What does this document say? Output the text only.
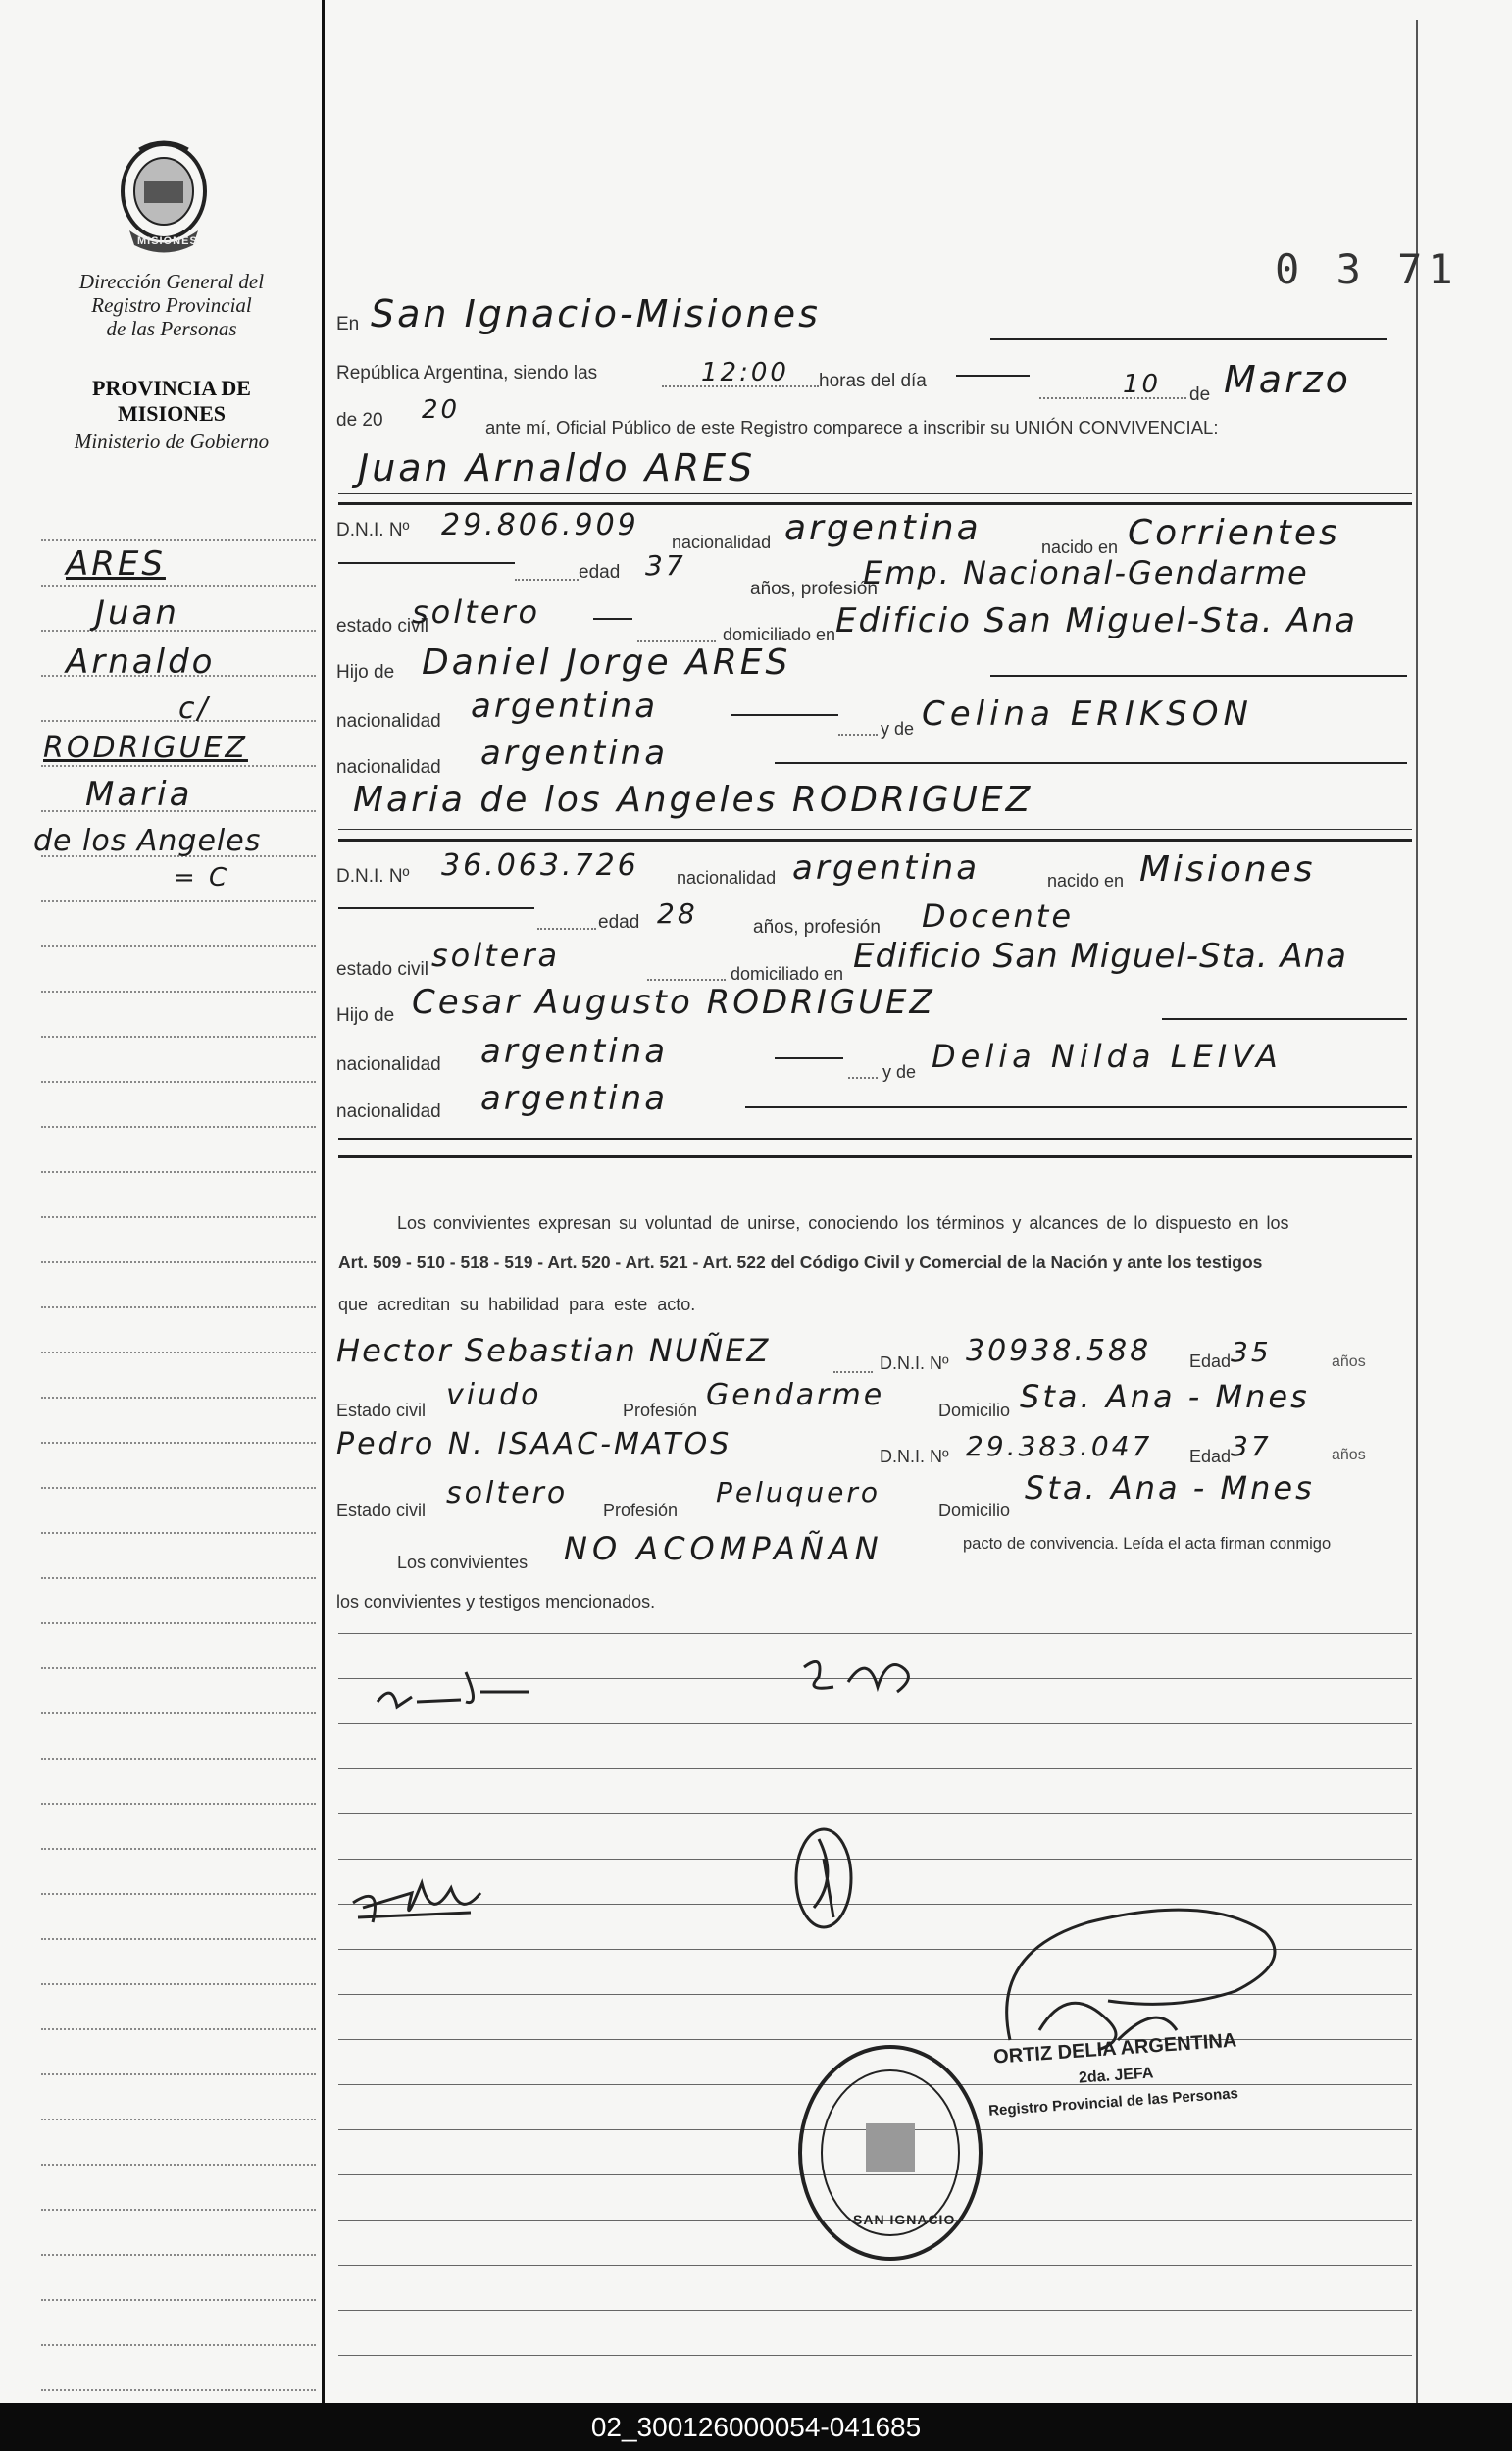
MISIONES
Dirección General del
Registro Provincial
de las Personas
PROVINCIA DE
MISIONES
Ministerio de Gobierno
0 3 71
ARES
Juan
Arnaldo
c/
RODRIGUEZ
Maria
de los Angeles
= C
En San Ignacio-Misiones
República Argentina, siendo las	12:00 horas del día	10 de Marzo
de 20 20
ante mí, Oficial Público de este Registro comparece a inscribir su UNIÓN CONVIVENCIAL:
Juan Arnaldo ARES
D.N.I. Nº 29.806.909 nacionalidad argentina	nacido en Corrientes
edad 37
años, profesión
Emp. Nacional-Gendarme
estado civil
soltero
domiciliado en Edificio San Miguel-Sta. Ana
Hijo de Daniel Jorge ARES
nacionalidad argentina
y de Celina ERIKSON
nacionalidad argentina
Maria de los Angeles RODRIGUEZ
D.N.I. Nº 36.063.726 nacionalidad argentina	nacido en Misiones
edad 28	años, profesión Docente
estado civil soltera	domiciliado en Edificio San Miguel-Sta. Ana
Hijo de Cesar Augusto RODRIGUEZ
nacionalidad argentina
y de Delia Nilda LEIVA
nacionalidad argentina
Los convivientes expresan su voluntad de unirse, conociendo los términos y alcances de lo dispuesto en los
Art. 509 - 510 - 518 - 519 - Art. 520 - Art. 521 - Art. 522 del Código Civil y Comercial de la Nación y ante los testigos
que acreditan su habilidad para este acto.
Hector Sebastian NUÑEZ	D.N.I. Nº 30938.588 Edad 35	años
Estado civil viudo	Profesión Gendarme	Domicilio Sta. Ana - Mnes
Pedro N. ISAAC-MATOS	D.N.I. Nº 29.383.047 Edad 37	años
Estado civil soltero Profesión
Peluquero
Domicilio
Sta. Ana - Mnes
Los convivientes NO ACOMPAÑAN	pacto de convivencia. Leída el acta firman conmigo
los convivientes y testigos mencionados.
SAN IGNACIO
ORTIZ DELIA ARGENTINA
2da. JEFA
Registro Provincial de las Personas
02_300126000054-041685
